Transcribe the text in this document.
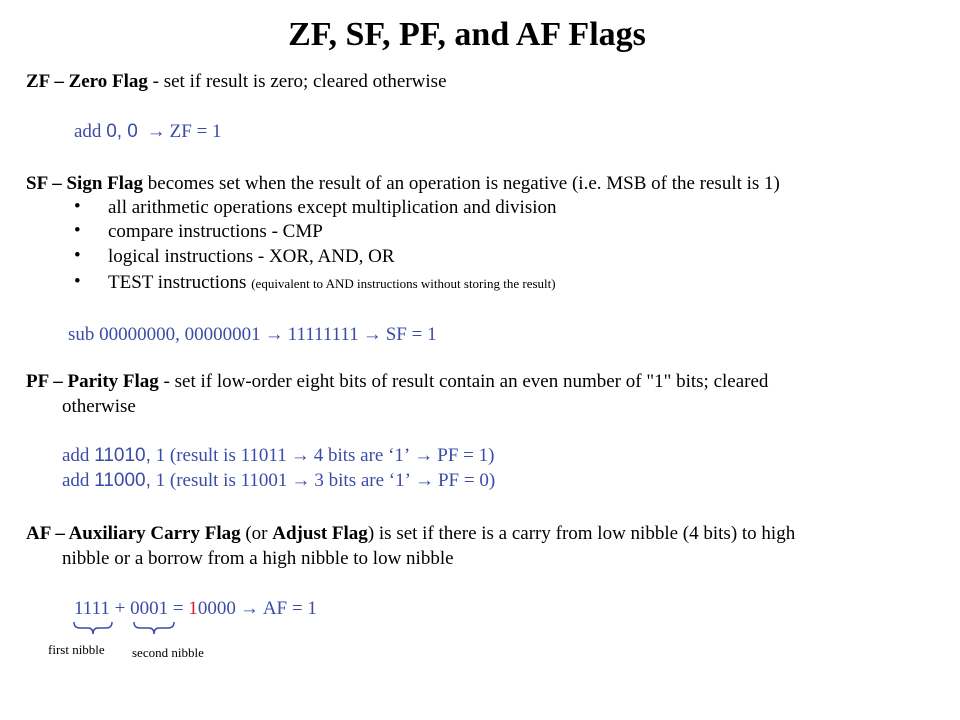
ZF, SF, PF, and AF Flags
ZF – Zero Flag - set if result is zero; cleared otherwise
add 0, 0 → ZF = 1
SF – Sign Flag becomes set when the result of an operation is negative (i.e. MSB of the result is 1)
• all arithmetic operations except multiplication and division
• compare instructions - CMP
• logical instructions - XOR, AND, OR
• TEST instructions (equivalent to AND instructions without storing the result)
sub 00000000, 00000001 → 11111111 → SF = 1
PF – Parity Flag - set if low-order eight bits of result contain an even number of "1" bits; cleared
otherwise
add 11010, 1 (result is 11011 → 4 bits are ‘1’ → PF = 1)
add 11000, 1 (result is 11001 → 3 bits are ‘1’ → PF = 0)
AF – Auxiliary Carry Flag (or Adjust Flag) is set if there is a carry from low nibble (4 bits) to high
nibble or a borrow from a high nibble to low nibble
1111 + 0001 = 10000 → AF = 1
first nibble second nibble
